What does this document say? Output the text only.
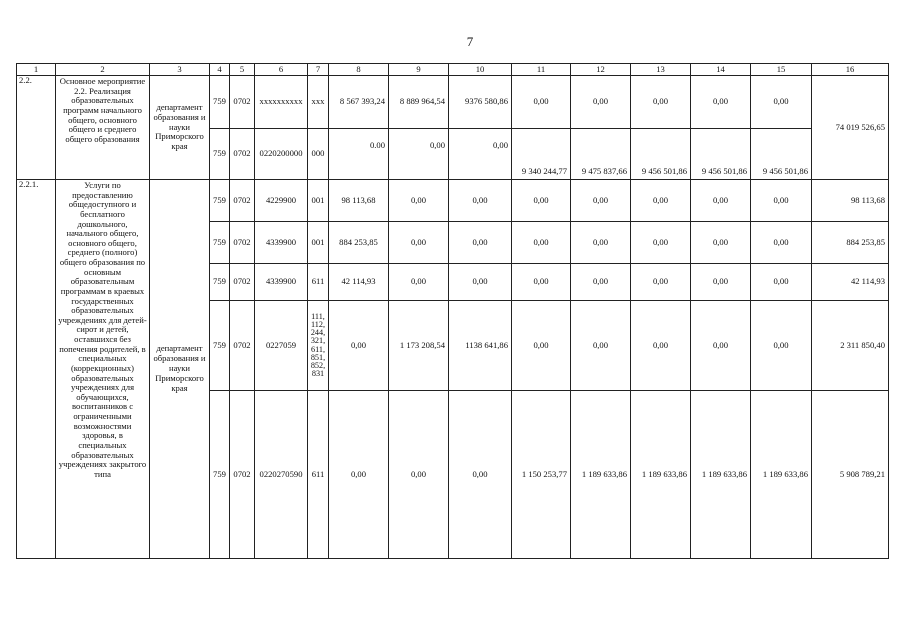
7
1	2	3	4	5	6	7	8	9	10	11	12	13	14	15	16
2.2.	Основное мероприятие 2.2. Реализация образовательных программ начального общего, основного общего и среднего общего образования	департамент образования и науки Приморского края	759	0702	xxxxxxxxxx	xxx	8 567 393,24	8 889 964,54	9376 580,86	0,00	0,00	0,00	0,00	0,00	74 019 526,65
			759	0702	0220200000	000	0.00	0,00	0,00	9 340 244,77	9 475 837,66	9 456 501,86	9 456 501,86	9 456 501,86	
2.2.1.	Услуги по предоставлению общедоступного и бесплатного дошкольного, начального общего, основного общего, среднего (полного) общего образования по основным образовательным программам в краевых государственных образовательных учреждениях для детей-сирот и детей, оставшихся без попечения родителей, в специальных (коррекционных) образовательных учреждениях для обучающихся, воспитанников с ограниченными возможностями здоровья, в специальных образовательных учреждениях закрытого типа	департамент образования и науки Приморского края	759	0702	4229900	001	98 113,68	0,00	0,00	0,00	0,00	0,00	0,00	0,00	98 113,68
			759	0702	4339900	001	884 253,85	0,00	0,00	0,00	0,00	0,00	0,00	0,00	884 253,85
			759	0702	4339900	611	42 114,93	0,00	0,00	0,00	0,00	0,00	0,00	0,00	42 114,93
			759	0702	0227059	111, 112, 244, 321, 611, 851, 852, 831	0,00	1 173 208,54	1138 641,86	0,00	0,00	0,00	0,00	0,00	2 311 850,40
			759	0702	0220270590	611	0,00	0,00	0,00	1 150 253,77	1 189 633,86	1 189 633,86	1 189 633,86	1 189 633,86	5 908 789,21
